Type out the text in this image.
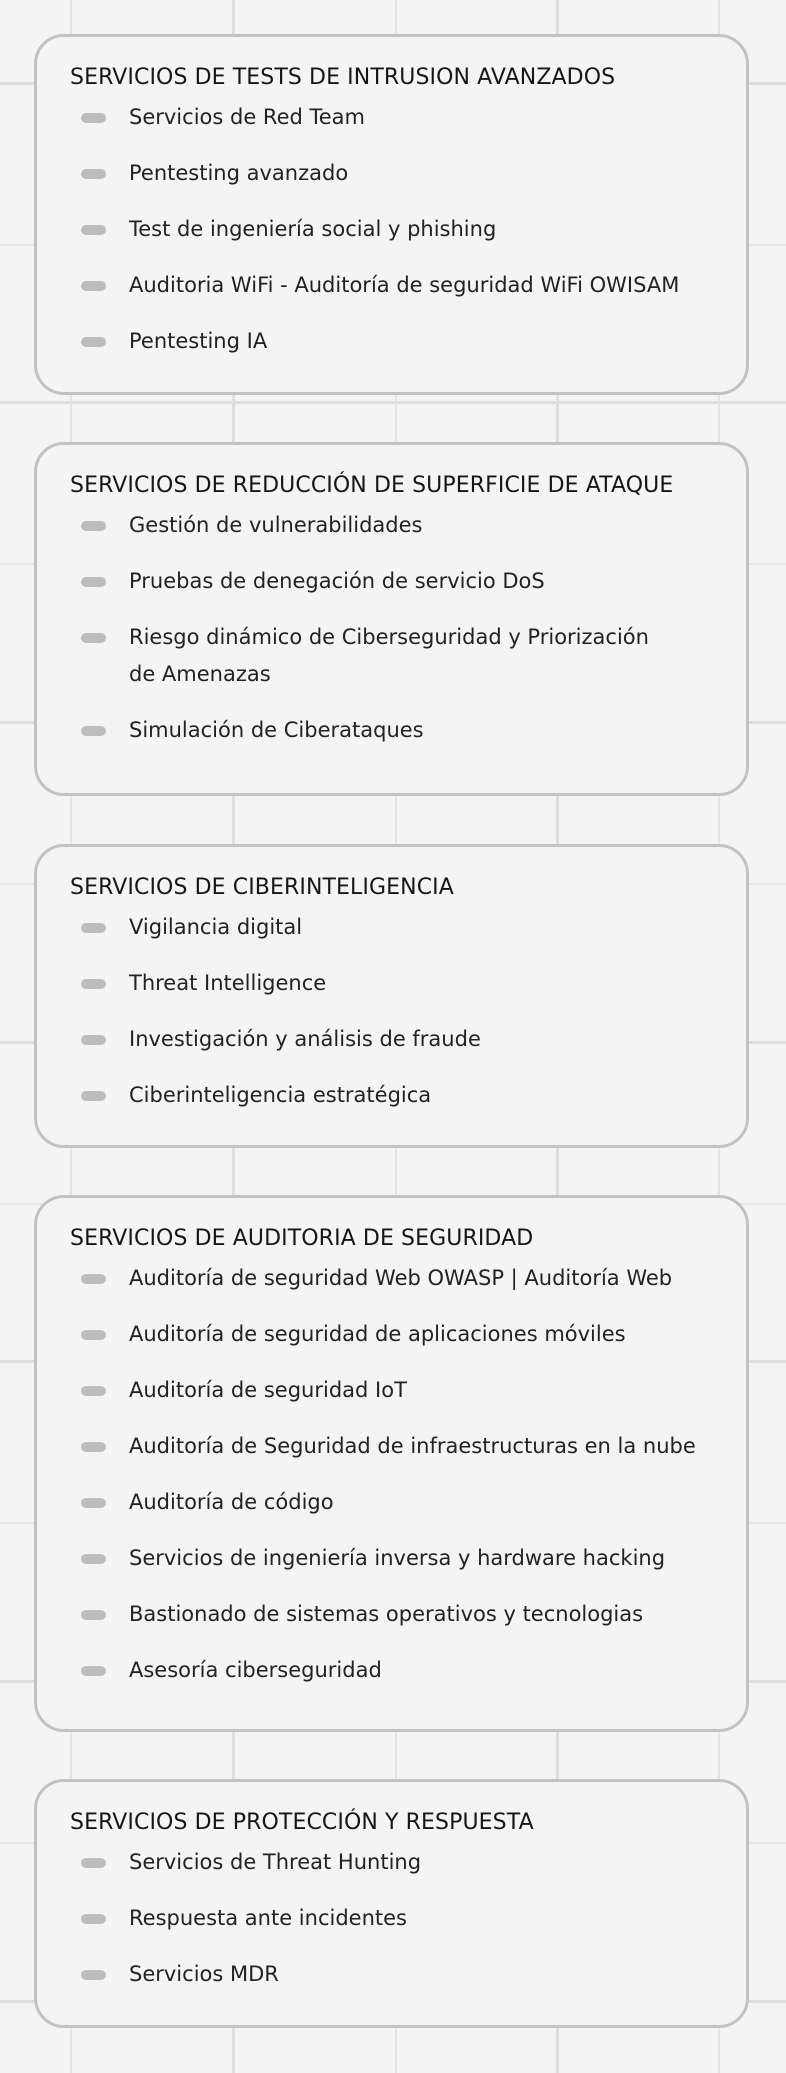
SERVICIOS DE TESTS DE INTRUSION AVANZADOS
Servicios de Red Team
Pentesting avanzado
Test de ingeniería social y phishing
Auditoria WiFi - Auditoría de seguridad WiFi OWISAM
Pentesting IA
SERVICIOS DE REDUCCIÓN DE SUPERFICIE DE ATAQUE
Gestión de vulnerabilidades
Pruebas de denegación de servicio DoS
Riesgo dinámico de Ciberseguridad y Priorización de Amenazas
Simulación de Ciberataques
SERVICIOS DE CIBERINTELIGENCIA
Vigilancia digital
Threat Intelligence
Investigación y análisis de fraude
Ciberinteligencia estratégica
SERVICIOS DE AUDITORIA DE SEGURIDAD
Auditoría de seguridad Web OWASP | Auditoría Web
Auditoría de seguridad de aplicaciones móviles
Auditoría de seguridad IoT
Auditoría de Seguridad de infraestructuras en la nube
Auditoría de código
Servicios de ingeniería inversa y hardware hacking
Bastionado de sistemas operativos y tecnologias
Asesoría ciberseguridad
SERVICIOS DE PROTECCIÓN Y RESPUESTA
Servicios de Threat Hunting
Respuesta ante incidentes
Servicios MDR
